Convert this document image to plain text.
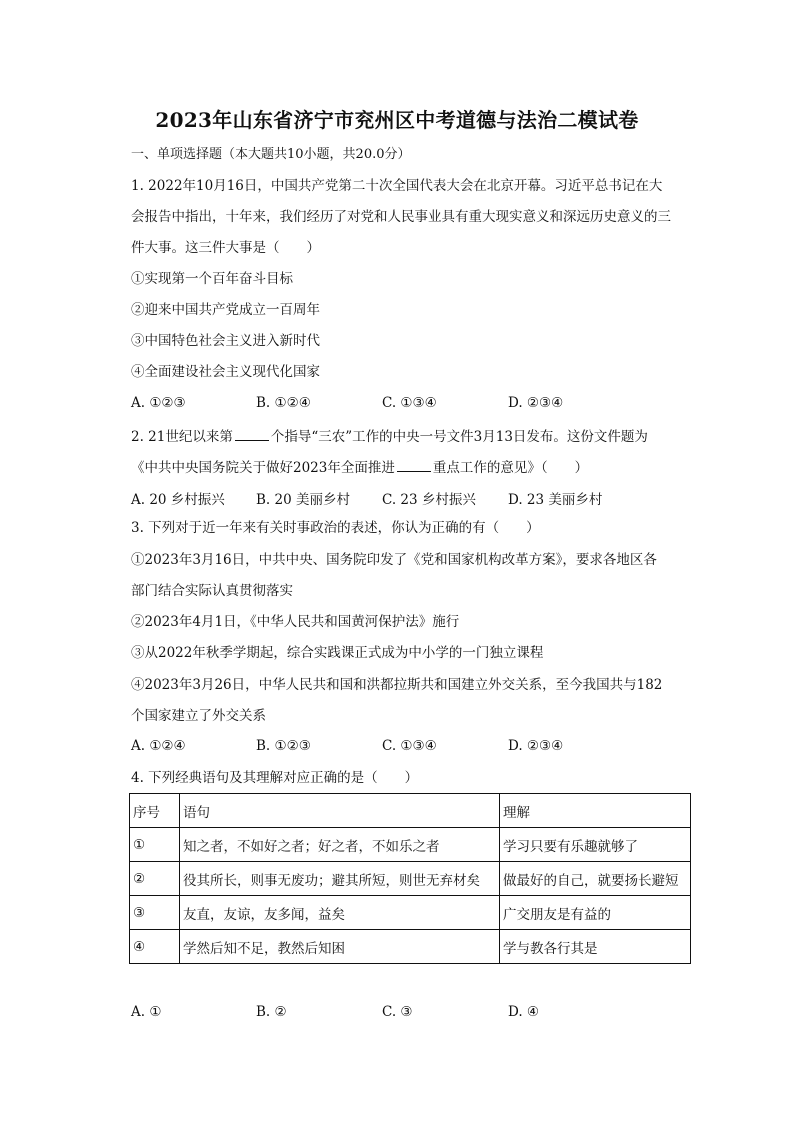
2023年山东省济宁市兖州区中考道德与法治二模试卷
一、单项选择题（本大题共10小题，共20.0分）
1. 2022年10月16日，中国共产党第二十次全国代表大会在北京开幕。习近平总书记在大
会报告中指出，十年来，我们经历了对党和人民事业具有重大现实意义和深远历史意义的三
件大事。这三件大事是（　　）
①实现第一个百年奋斗目标
②迎来中国共产党成立一百周年
③中国特色社会主义进入新时代
④全面建设社会主义现代化国家
A. ①②③	B. ①②④	C. ①③④	D. ②③④
2. 21世纪以来第	个指导“三农”工作的中央一号文件3月13日发布。这份文件题为
《中共中央国务院关于做好2023年全面推进	重点工作的意见》（　　）
A. 20 乡村振兴 B. 20 美丽乡村 C. 23 乡村振兴 D. 23 美丽乡村
3. 下列对于近一年来有关时事政治的表述，你认为正确的有（　　）
①2023年3月16日，中共中央、国务院印发了《党和国家机构改革方案》，要求各地区各
部门结合实际认真贯彻落实
②2023年4月1日，《中华人民共和国黄河保护法》施行
③从2022年秋季学期起，综合实践课正式成为中小学的一门独立课程
④2023年3月26日，中华人民共和国和洪都拉斯共和国建立外交关系，至今我国共与182
个国家建立了外交关系
A. ①②④	B. ①②③	C. ①③④	D. ②③④
4. 下列经典语句及其理解对应正确的是（　　）
序号	语句	理解
①	知之者，不如好之者；好之者，不如乐之者	学习只要有乐趣就够了
②	役其所长，则事无废功；避其所短，则世无弃材矣	做最好的自己，就要扬长避短
③	友直，友谅，友多闻，益矣	广交朋友是有益的
④	学然后知不足，教然后知困	学与教各行其是
A. ①	B. ②	C. ③	D. ④
